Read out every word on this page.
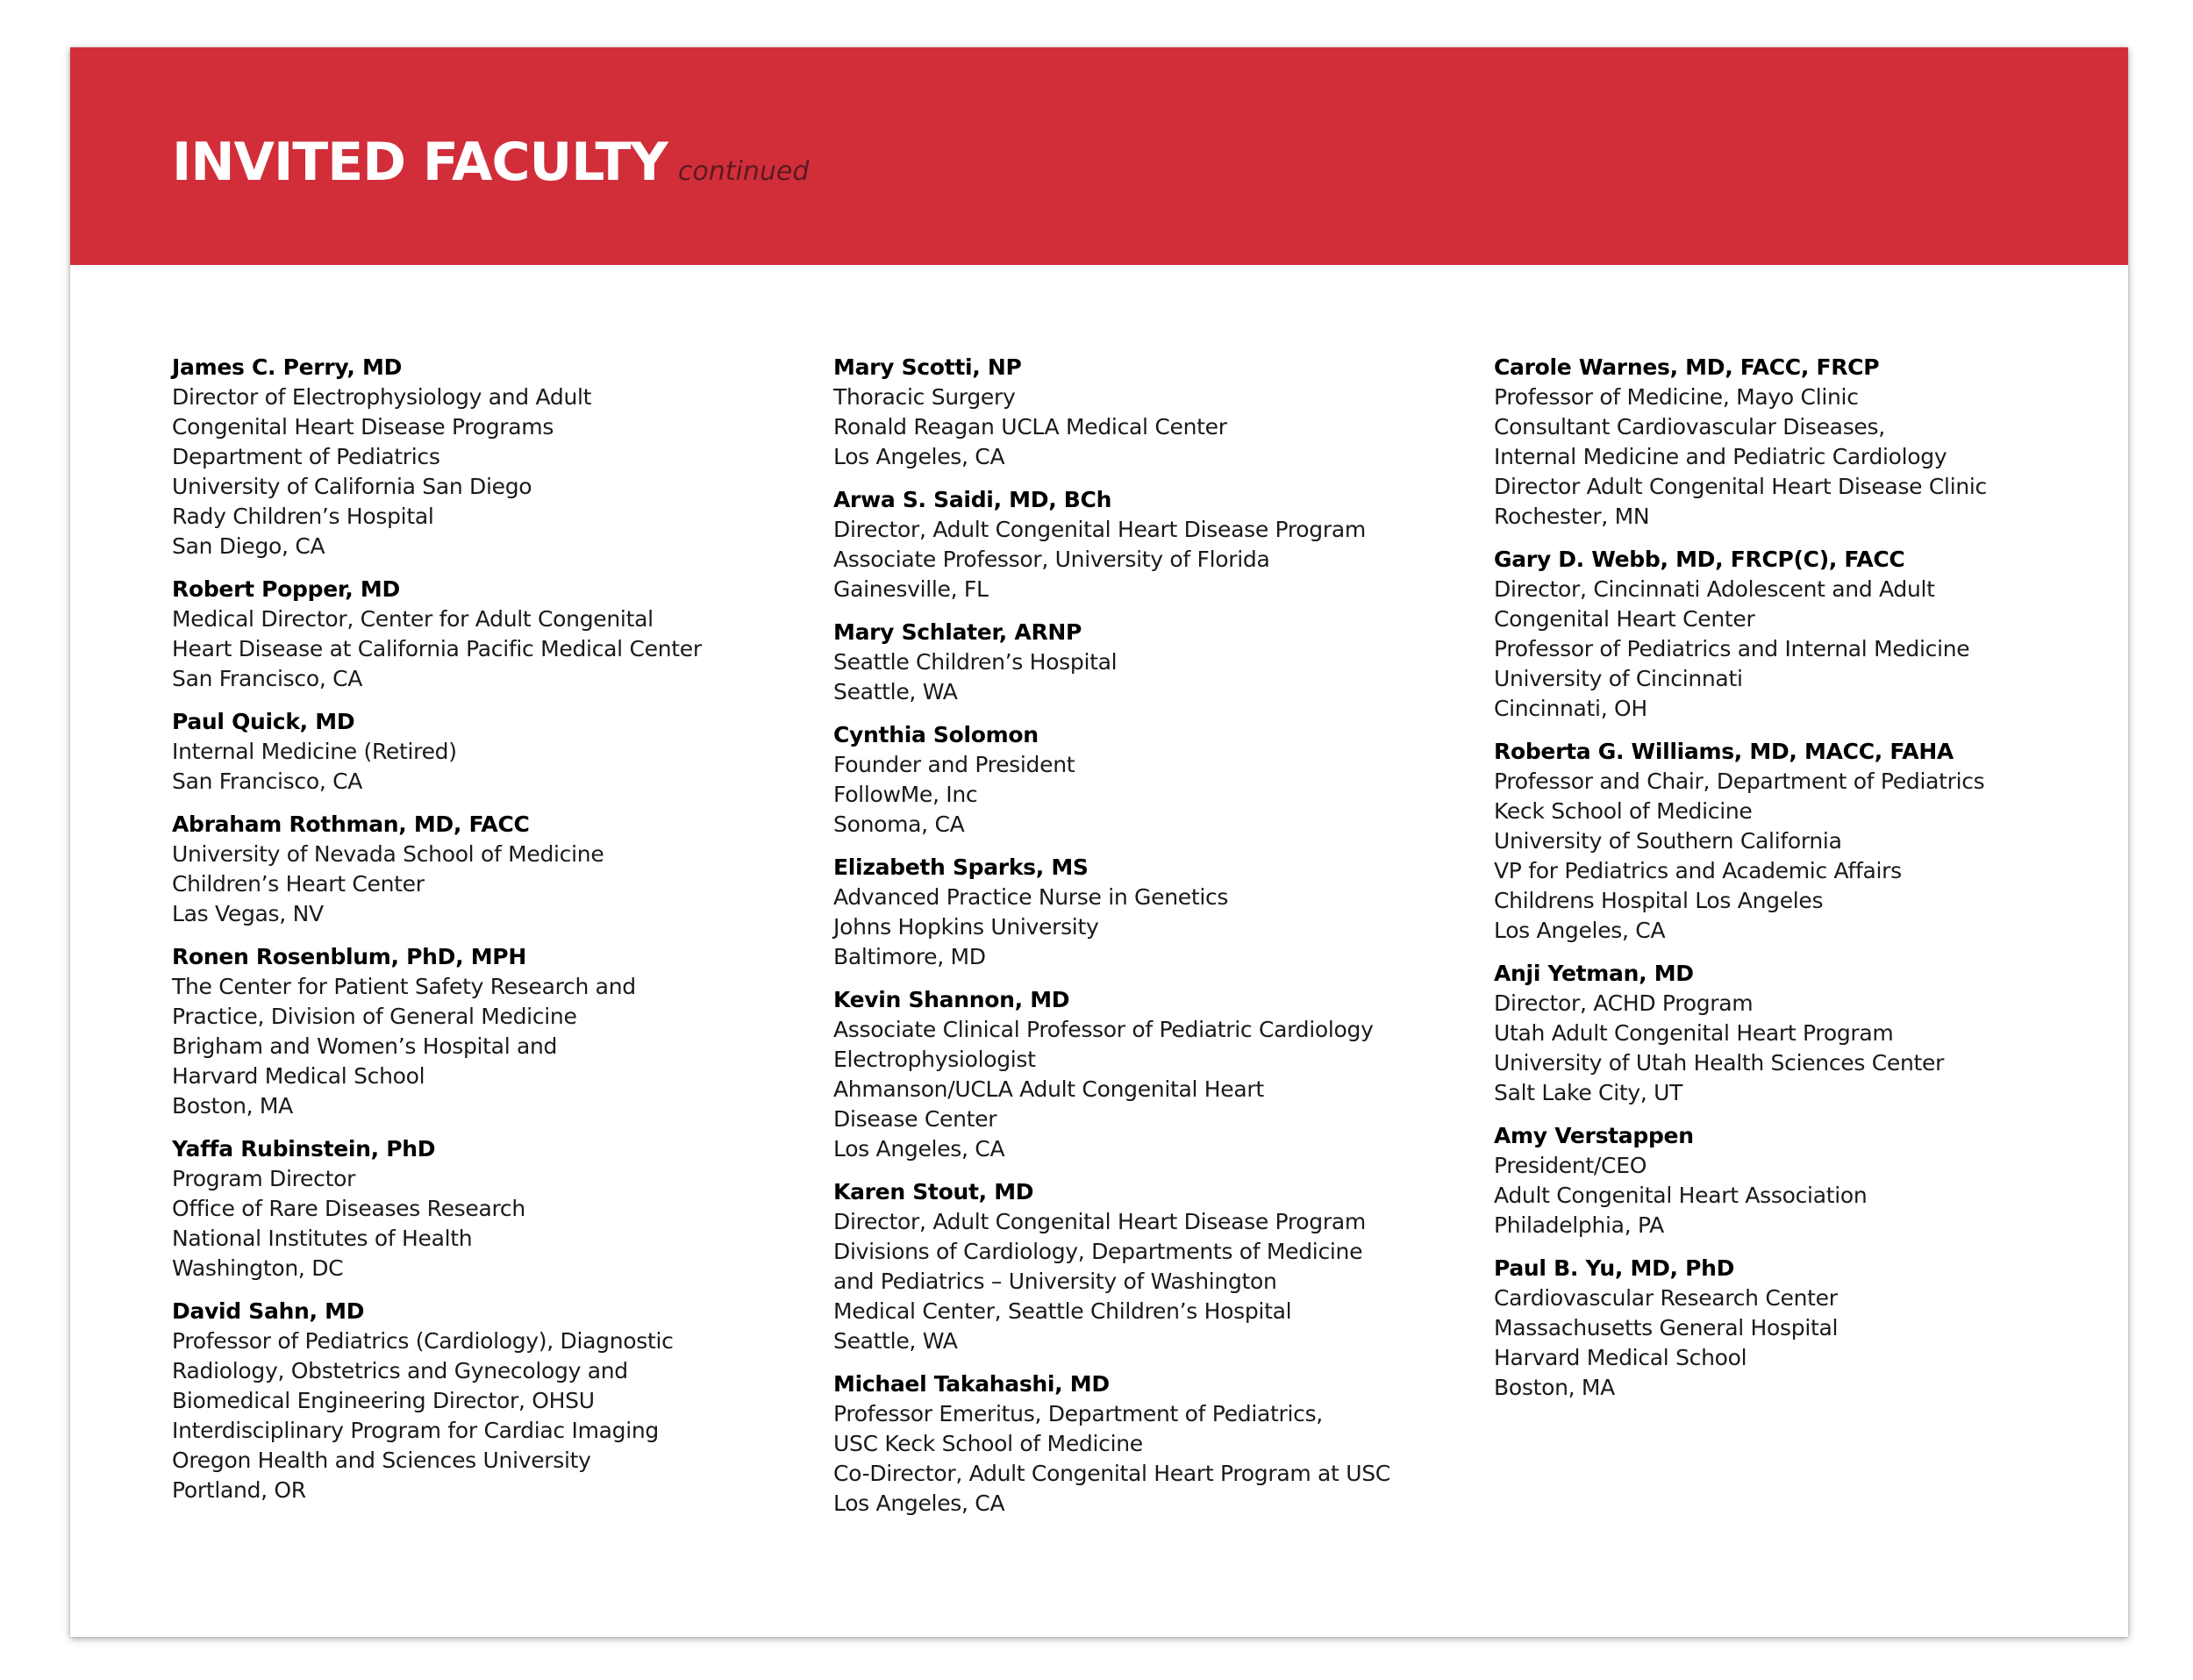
INVITED FACULTY continued
James C. Perry, MD
Director of Electrophysiology and Adult
Congenital Heart Disease Programs
Department of Pediatrics
University of California San Diego
Rady Children’s Hospital
San Diego, CA
Robert Popper, MD
Medical Director, Center for Adult Congenital
Heart Disease at California Pacific Medical Center
San Francisco, CA
Paul Quick, MD
Internal Medicine (Retired)
San Francisco, CA
Abraham Rothman, MD, FACC
University of Nevada School of Medicine
Children’s Heart Center
Las Vegas, NV
Ronen Rosenblum, PhD, MPH
The Center for Patient Safety Research and
Practice, Division of General Medicine
Brigham and Women’s Hospital and
Harvard Medical School
Boston, MA
Yaffa Rubinstein, PhD
Program Director
Office of Rare Diseases Research
National Institutes of Health
Washington, DC
David Sahn, MD
Professor of Pediatrics (Cardiology), Diagnostic
Radiology, Obstetrics and Gynecology and
Biomedical Engineering Director, OHSU
Interdisciplinary Program for Cardiac Imaging
Oregon Health and Sciences University
Portland, OR
Mary Scotti, NP
Thoracic Surgery
Ronald Reagan UCLA Medical Center
Los Angeles, CA
Arwa S. Saidi, MD, BCh
Director, Adult Congenital Heart Disease Program
Associate Professor, University of Florida
Gainesville, FL
Mary Schlater, ARNP
Seattle Children’s Hospital
Seattle, WA
Cynthia Solomon
Founder and President
FollowMe, Inc
Sonoma, CA
Elizabeth Sparks, MS
Advanced Practice Nurse in Genetics
Johns Hopkins University
Baltimore, MD
Kevin Shannon, MD
Associate Clinical Professor of Pediatric Cardiology
Electrophysiologist
Ahmanson/UCLA Adult Congenital Heart
Disease Center
Los Angeles, CA
Karen Stout, MD
Director, Adult Congenital Heart Disease Program
Divisions of Cardiology, Departments of Medicine
and Pediatrics – University of Washington
Medical Center, Seattle Children’s Hospital
Seattle, WA
Michael Takahashi, MD
Professor Emeritus, Department of Pediatrics,
USC Keck School of Medicine
Co-Director, Adult Congenital Heart Program at USC
Los Angeles, CA
Carole Warnes, MD, FACC, FRCP
Professor of Medicine, Mayo Clinic
Consultant Cardiovascular Diseases,
Internal Medicine and Pediatric Cardiology
Director Adult Congenital Heart Disease Clinic
Rochester, MN
Gary D. Webb, MD, FRCP(C), FACC
Director, Cincinnati Adolescent and Adult
Congenital Heart Center
Professor of Pediatrics and Internal Medicine
University of Cincinnati
Cincinnati, OH
Roberta G. Williams, MD, MACC, FAHA
Professor and Chair, Department of Pediatrics
Keck School of Medicine
University of Southern California
VP for Pediatrics and Academic Affairs
Childrens Hospital Los Angeles
Los Angeles, CA
Anji Yetman, MD
Director, ACHD Program
Utah Adult Congenital Heart Program
University of Utah Health Sciences Center
Salt Lake City, UT
Amy Verstappen
President/CEO
Adult Congenital Heart Association
Philadelphia, PA
Paul B. Yu, MD, PhD
Cardiovascular Research Center
Massachusetts General Hospital
Harvard Medical School
Boston, MA
